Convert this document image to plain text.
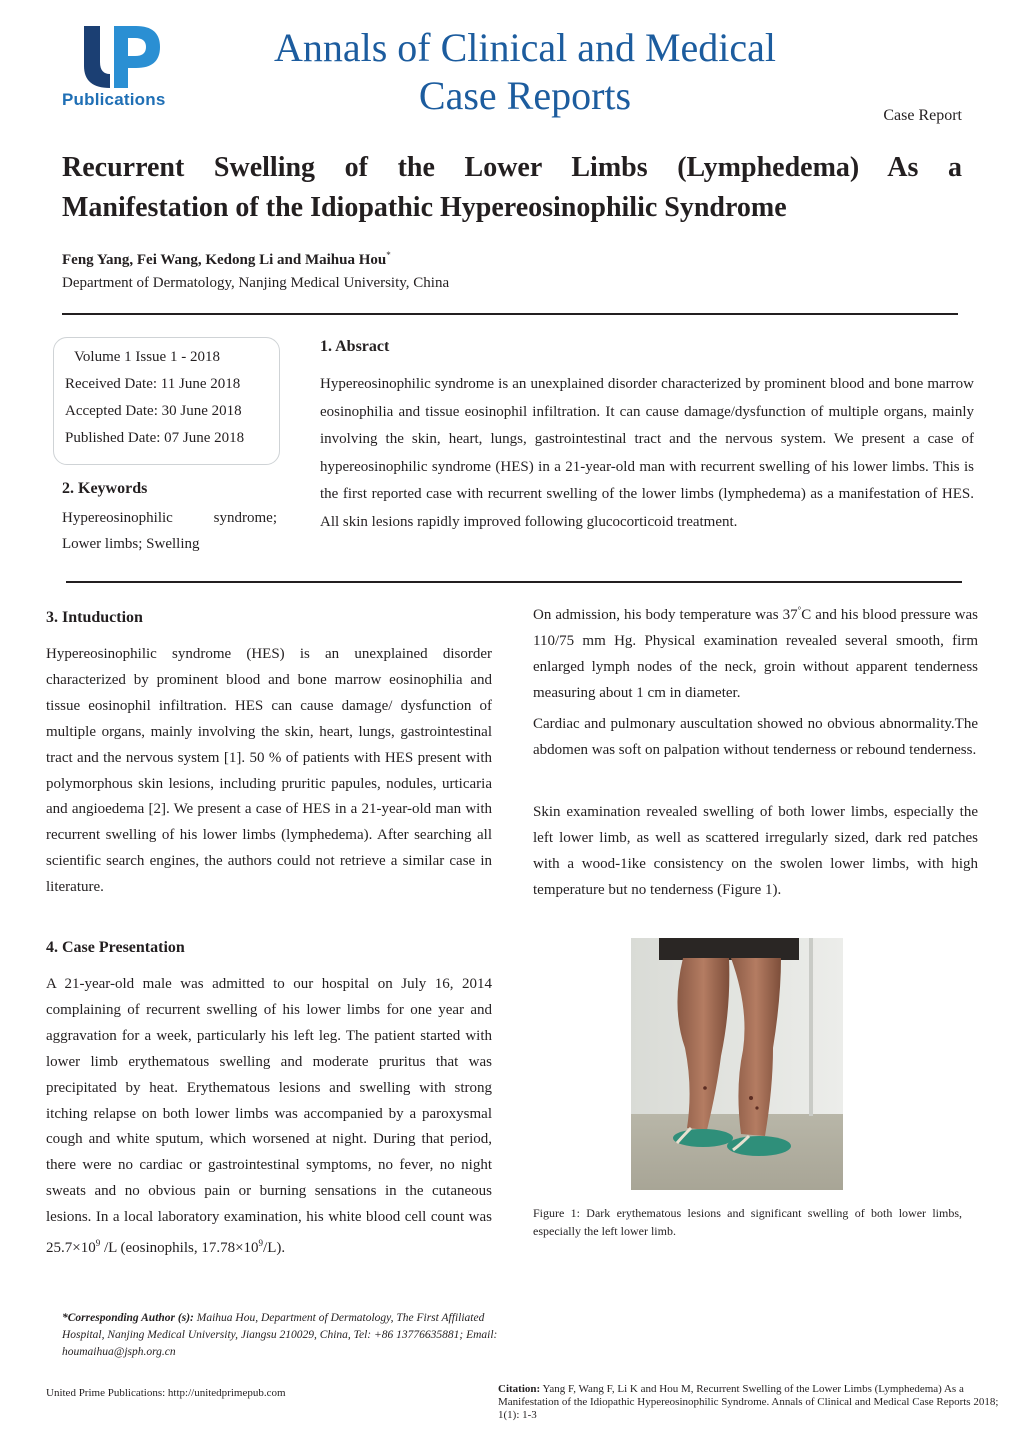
Publications
Annals of Clinical and Medical
Case Reports	Case Report
Recurrent Swelling of the Lower Limbs (Lymphedema) As a
Manifestation of the Idiopathic Hypereosinophilic Syndrome
Feng Yang, Fei Wang, Kedong Li and Maihua Hou*
Department of Dermatology, Nanjing Medical University, China
Volume 1 Issue 1 - 2018
Received Date: 11 June 2018
Accepted Date: 30 June 2018
Published Date: 07 June 2018
2. Keywords
Hypereosinophilic syndrome;
Lower limbs; Swelling
1. Absract
Hypereosinophilic syndrome is an unexplained disorder characterized by prominent blood and bone marrow eosinophilia and tissue eosinophil infiltration. It can cause damage/dysfunction of multiple organs, mainly involving the skin, heart, lungs, gastrointestinal tract and the nervous system. We present a case of hypereosinophilic syndrome (HES) in a 21-year-old man with recurrent swelling of his lower limbs. This is the first reported case with recurrent swelling of the lower limbs (lymphedema) as a manifestation of HES. All skin lesions rapidly improved following glucocorticoid treatment.
3. Intuduction
Hypereosinophilic syndrome (HES) is an unexplained disorder characterized by prominent blood and bone marrow eosinophilia and tissue eosinophil infiltration. HES can cause damage/ dysfunction of multiple organs, mainly involving the skin, heart, lungs, gastrointestinal tract and the nervous system [1]. 50 % of patients with HES present with polymorphous skin lesions, including pruritic papules, nodules, urticaria and angioedema [2]. We present a case of HES in a 21-year-old man with recurrent swelling of his lower limbs (lymphedema). After searching all scientific search engines, the authors could not retrieve a similar case in literature.
4. Case Presentation
A 21-year-old male was admitted to our hospital on July 16, 2014 complaining of recurrent swelling of his lower limbs for one year and aggravation for a week, particularly his left leg. The patient started with lower limb erythematous swelling and moderate pruritus that was precipitated by heat. Erythematous lesions and swelling with strong itching relapse on both lower limbs was accompanied by a paroxysmal cough and white sputum, which worsened at night. During that period, there were no cardiac or gastrointestinal symptoms, no fever, no night sweats and no obvious pain or burning sensations in the cutaneous lesions. In a local laboratory examination, his white blood cell count was $25.7\times 10^9$ /L (eosinophils, $17.78\times 10^9/L$).
On admission, his body temperature was 37°C and his blood pressure was 110/75 mm Hg. Physical examination revealed several smooth, firm enlarged lymph nodes of the neck, groin without apparent tenderness measuring about 1 cm in diameter.
Cardiac and pulmonary auscultation showed no obvious abnormality.The abdomen was soft on palpation without tenderness or rebound tenderness.
Skin examination revealed swelling of both lower limbs, especially the left lower limb, as well as scattered irregularly sized, dark red patches with a wood-1ike consistency on the swolen lower limbs, with high temperature but no tenderness (Figure 1).
Figure 1: Dark erythematous lesions and significant swelling of both lower limbs, especially the left lower limb.
*Corresponding Author (s): Maihua Hou, Department of Dermatology, The First Affiliated Hospital, Nanjing Medical University, Jiangsu 210029, China, Tel: +86 13776635881; Email: houmaihua@jsph.org.cn
United Prime Publications: http://unitedprimepub.com	Citation: Yang F, Wang F, Li K and Hou M, Recurrent Swelling of the Lower Limbs (Lymphedema) As a Manifestation of the Idiopathic Hypereosinophilic Syndrome. Annals of Clinical and Medical Case Reports 2018; 1(1): 1-3
